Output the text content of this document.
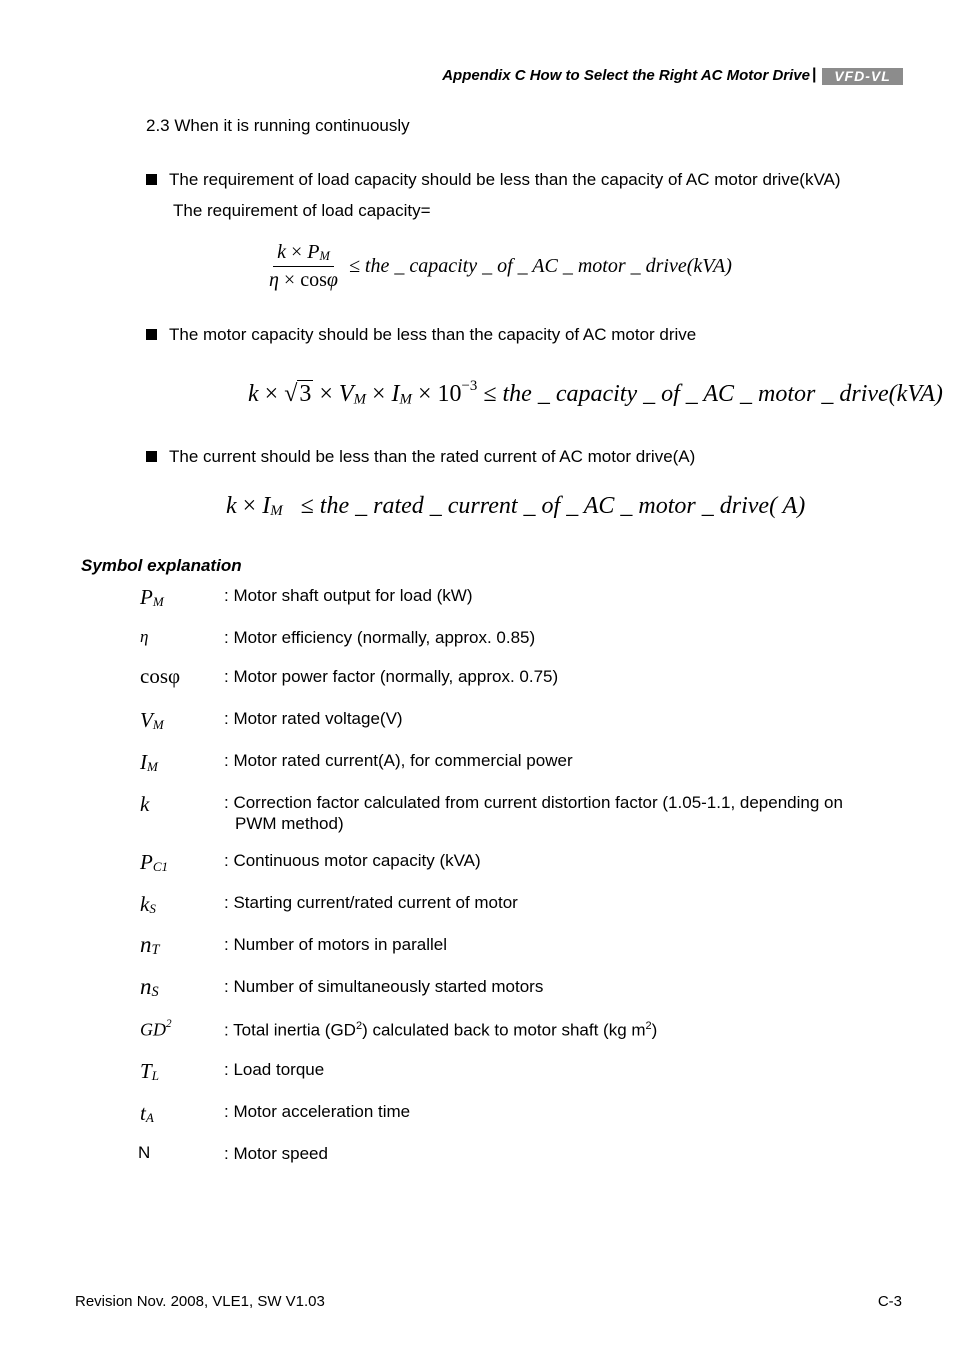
Appendix C How to Select the Right AC Motor Drive |	VFD-VL
2.3 When it is running continuously
The requirement of load capacity should be less than the capacity of AC motor drive(kVA)
The requirement of load capacity=
$\frac{k \times P_M}{\eta \times \cos\varphi}$ ≤ the _ capacity _ of _ AC _ motor _ drive(kVA)
The motor capacity should be less than the capacity of AC motor drive
k × √ $3 \times V_M \times I_M \times 10^{-3}$ ≤ the _ capacity _ of _ AC _ motor _ drive(kVA)
The current should be less than the rated current of AC motor drive(A)
$k \times I_M$ ≤ the _ rated _ current _ of _ AC _ motor _ drive( A)
Symbol explanation
$P_M$	: Motor shaft output for load (kW)
η	: Motor efficiency (normally, approx. 0.85)
cosφ	: Motor power factor (normally, approx. 0.75)
$V_M$	: Motor rated voltage(V)
$I_M$	: Motor rated current(A), for commercial power
k	: Correction factor calculated from current distortion factor (1.05-1.1, depending on
PWM method)
$P_{C1}$	: Continuous motor capacity (kVA)
$k_S$	: Starting current/rated current of motor
$n_T$	: Number of motors in parallel
$n_S$	: Number of simultaneously started motors
$GD^2$	: Total inertia $(GD^2)$ calculated back to motor shaft (kg $m^2$)
$T_L$	: Load torque
$t_A$	: Motor acceleration time
N	: Motor speed
Revision Nov. 2008, VLE1, SW V1.03	C-3
